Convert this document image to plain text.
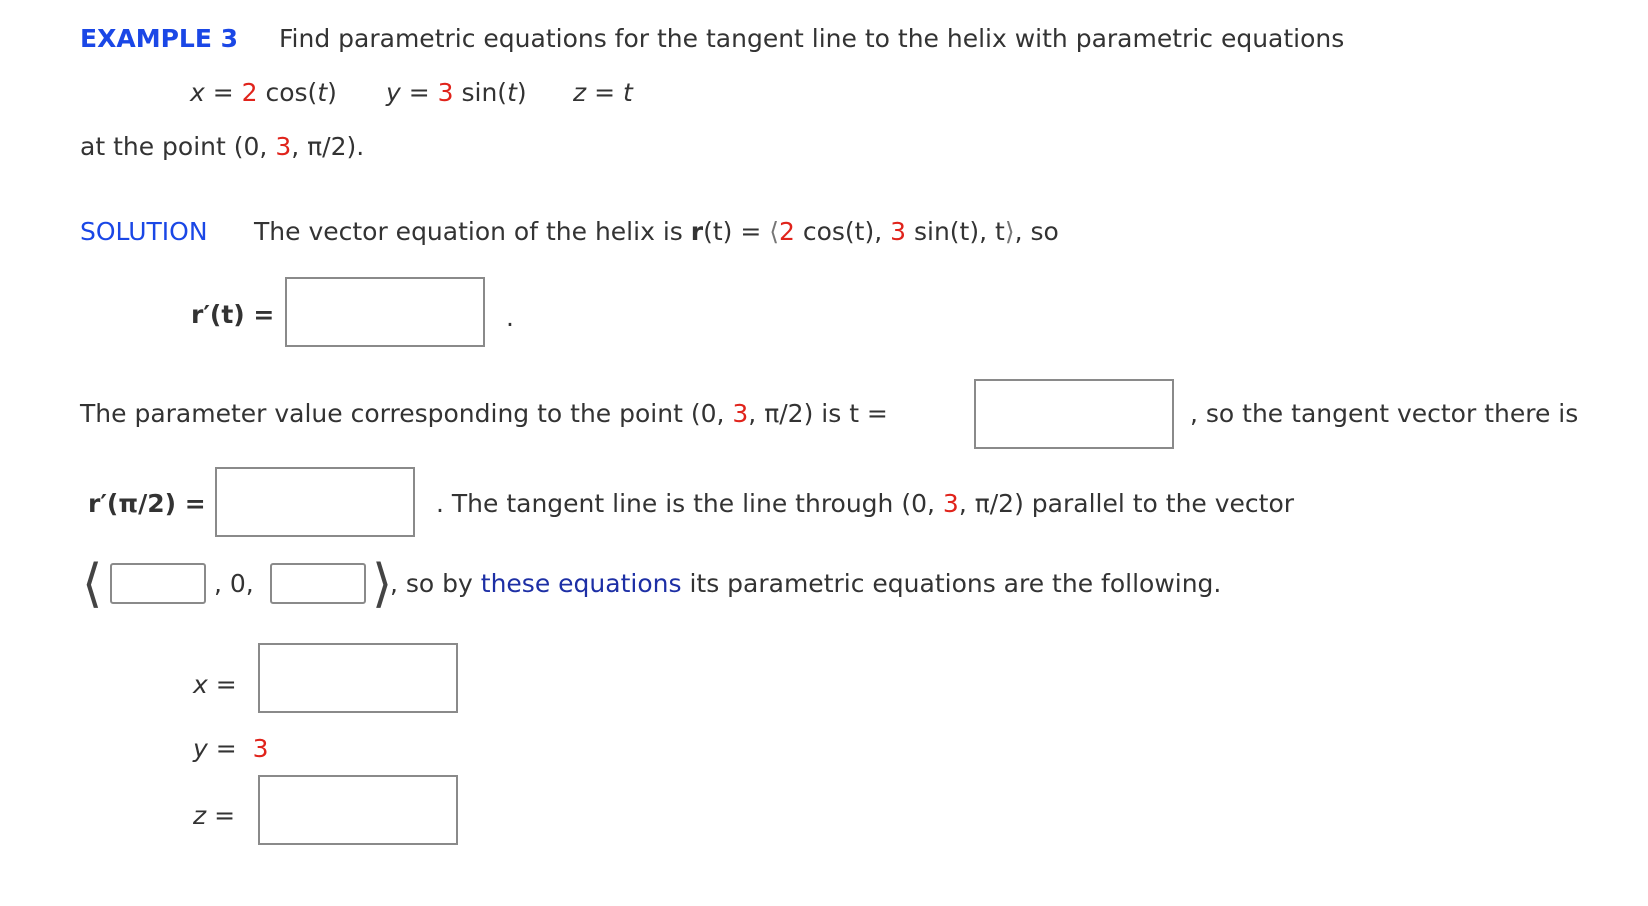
EXAMPLE 3 Find parametric equations for the tangent line to the helix with parametric equations
x = 2 cos(t) y = 3 sin(t) z = t
at the point (0, 3, π/2).
SOLUTION The vector equation of the helix is r(t) = ⟨2 cos(t), 3 sin(t), t⟩, so
r′(t) =	.
The parameter value corresponding to the point (0, 3, π/2) is t =	, so the tangent vector there is
r′(π/2) =	. The tangent line is the line through (0, 3, π/2) parallel to the vector
⟨	, 0, ⟩
, so by these equations its parametric equations are the following.
x =
y = 3
z =
